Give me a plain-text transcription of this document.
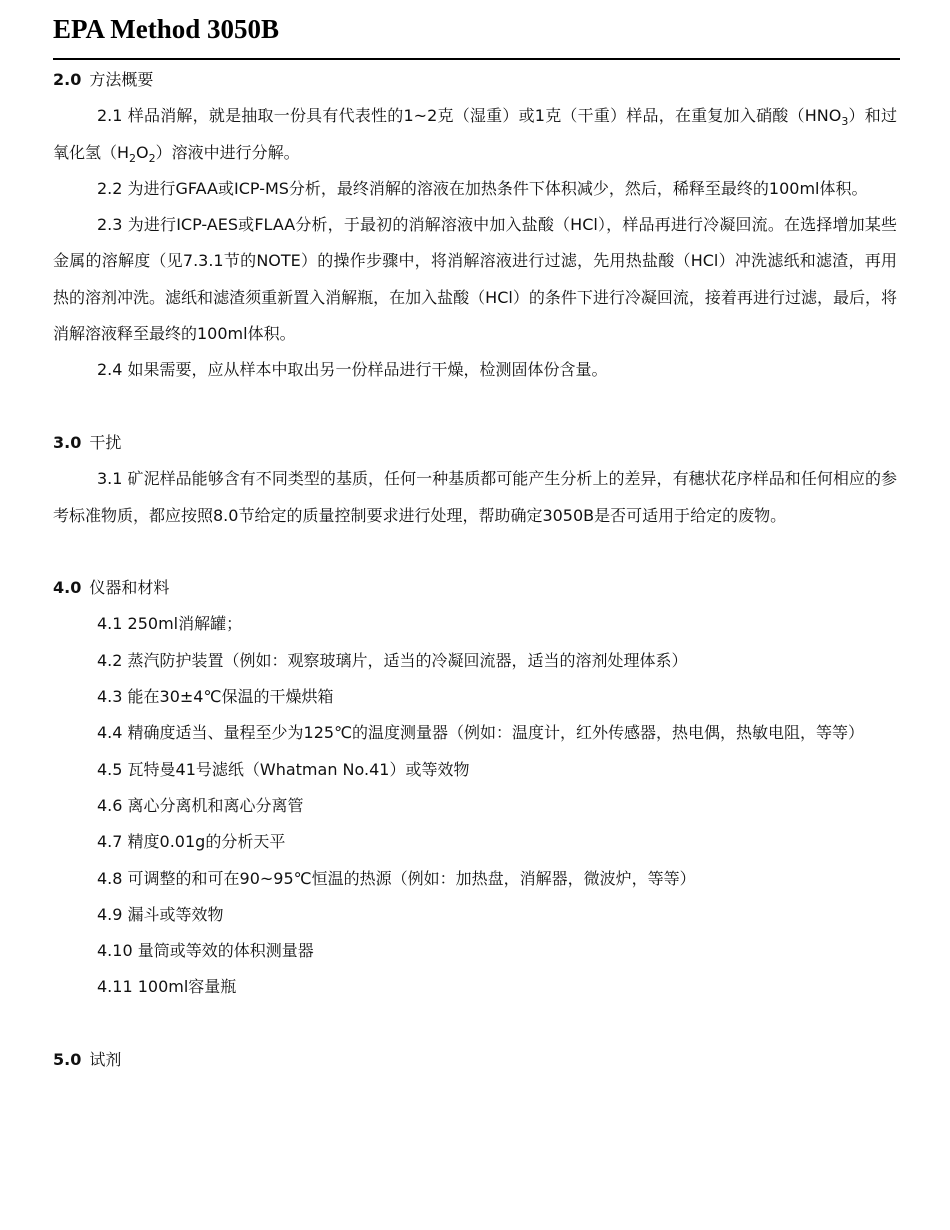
EPA Method 3050B

2.0 方法概要

2.1 样品消解，就是抽取一份具有代表性的1~2克（湿重）或1克（干重）样品，在重复加入硝酸$(HNO_3)$和过氧化氢$(H_2O_2)$溶液中进行分解。

2.2 为进行GFAA或ICP-MS分析，最终消解的溶液在加热条件下体积减少，然后，稀释至最终的100ml体积。

2.3 为进行ICP-AES或FLAA分析，于最初的消解溶液中加入盐酸（HCl），样品再进行冷凝回流。在选择增加某些金属的溶解度（见7.3.1节的NOTE）的操作步骤中，将消解溶液进行过滤，先用热盐酸（HCl）冲洗滤纸和滤渣，再用热的溶剂冲洗。滤纸和滤渣须重新置入消解瓶，在加入盐酸（HCl）的条件下进行冷凝回流，接着再进行过滤，最后，将消解溶液释至最终的100ml体积。

2.4 如果需要，应从样本中取出另一份样品进行干燥，检测固体份含量。

3.0 干扰

3.1 矿泥样品能够含有不同类型的基质，任何一种基质都可能产生分析上的差异，有穗状花序样品和任何相应的参考标准物质，都应按照8.0节给定的质量控制要求进行处理，帮助确定3050B是否可适用于给定的废物。

4.0 仪器和材料

4.1 250ml消解罐；

4.2 蒸汽防护装置（例如：观察玻璃片，适当的冷凝回流器，适当的溶剂处理体系）

4.3 能在30±4℃保温的干燥烘箱

4.4 精确度适当、量程至少为125℃的温度测量器（例如：温度计，红外传感器，热电偶，热敏电阻，等等）

4.5 瓦特曼41号滤纸（Whatman No.41）或等效物

4.6 离心分离机和离心分离管

4.7 精度0.01g的分析天平

4.8 可调整的和可在90~95℃恒温的热源（例如：加热盘，消解器，微波炉，等等）

4.9 漏斗或等效物

4.10 量筒或等效的体积测量器

4.11 100ml容量瓶

5.0 试剂
